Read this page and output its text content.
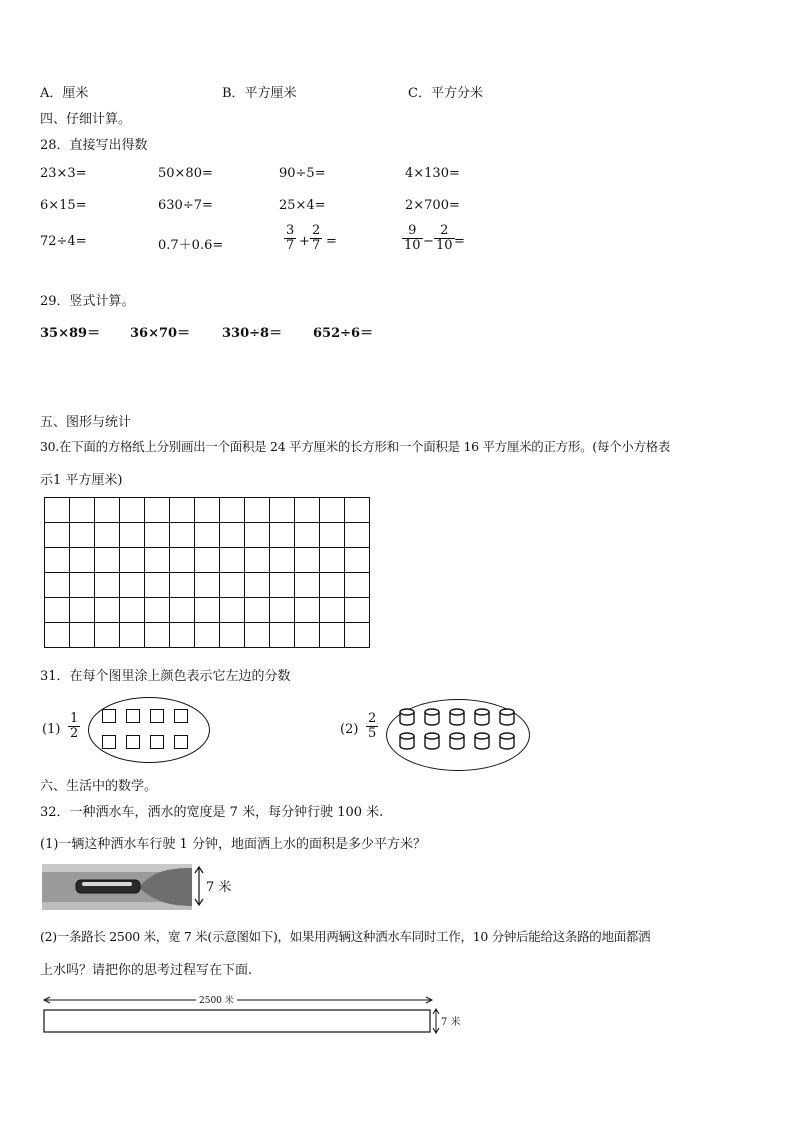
A．厘米	B．平方厘米	C．平方分米
四、仔细计算。
28．直接写出得数
23×3=	50×80=	90÷5=	4×130=
6×15=	630÷7=	25×4=	2×700=
72÷4=	0.7＋0.6=	$\frac{3}{7} + \frac{2}{7}$ =	$\frac{9}{10} - \frac{2}{10}$ =
29．竖式计算。
35×89＝ 36×70＝ 330÷8＝ 652÷6＝
五、图形与统计
30.在下面的方格纸上分别画出一个面积是 24 平方厘米的长方形和一个面积是 16 平方厘米的正方形。(每个小方格表
示1 平方厘米)

31．在每个图里涂上颜色表示它左边的分数
$(1) \frac{1}{2}$	$(2) \frac{2}{5}$
六、生活中的数学。
32．一种洒水车，洒水的宽度是 7 米，每分钟行驶 100 米.
(1)一辆这种洒水车行驶 1 分钟，地面洒上水的面积是多少平方米？
7 米
(2)一条路长 2500 米，宽 7 米(示意图如下)，如果用两辆这种洒水车同时工作，10 分钟后能给这条路的地面都洒
上水吗？请把你的思考过程写在下面.
2500 米
7 米
